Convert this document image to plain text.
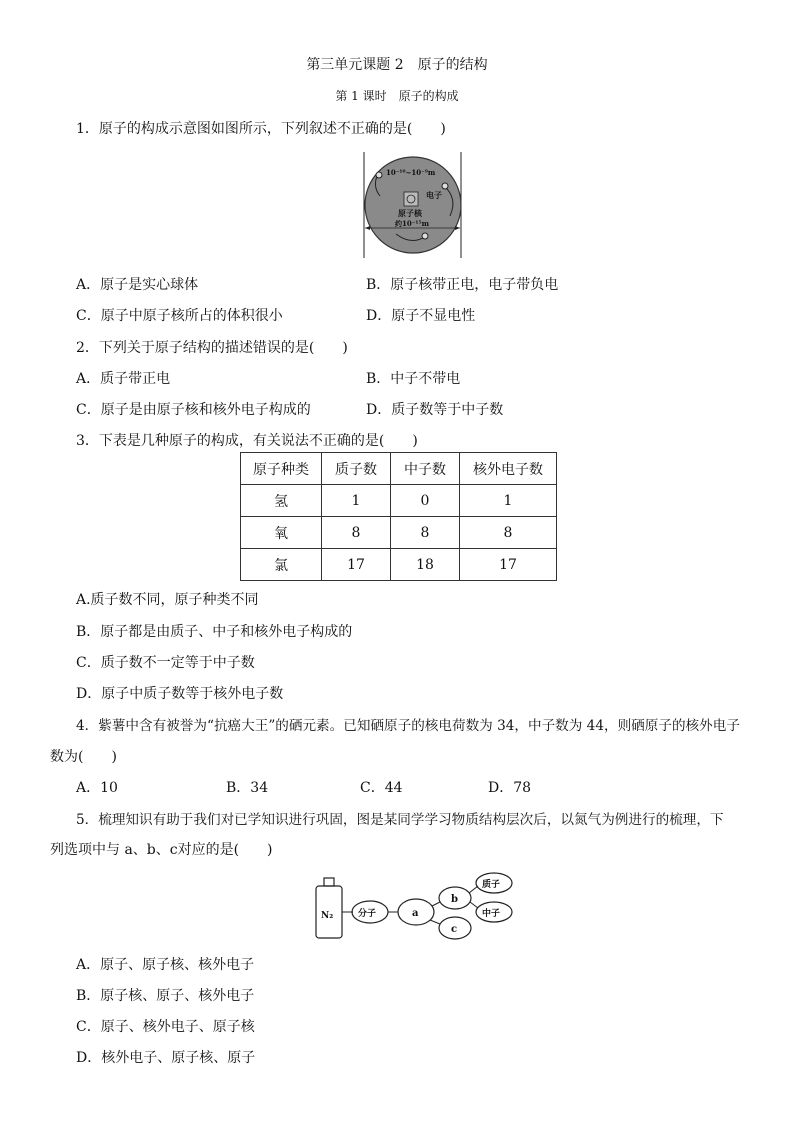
第三单元课题 2　原子的结构
第 1 课时　原子的构成
1．原子的构成示意图如图所示，下列叙述不正确的是(　　)
10⁻¹⁰~10⁻⁹m
电子
原子核
约10⁻¹⁵m
A．原子是实心球体	B．原子核带正电，电子带负电
C．原子中原子核所占的体积很小	D．原子不显电性
2．下列关于原子结构的描述错误的是(　　)
A．质子带正电	B．中子不带电
C．原子是由原子核和核外电子构成的	D．质子数等于中子数
3．下表是几种原子的构成，有关说法不正确的是(　　)
原子种类	质子数	中子数	核外电子数
氢	1	0	1
氧	8	8	8
氯	17	18	17
A.质子数不同，原子种类不同
B．原子都是由质子、中子和核外电子构成的
C．质子数不一定等于中子数
D．原子中质子数等于核外电子数
4．紫薯中含有被誉为“抗癌大王”的硒元素。已知硒原子的核电荷数为 34，中子数为 44，则硒原子的核外电子
数为(　　)
A．10	B．34	C．44	D．78
5．梳理知识有助于我们对已学知识进行巩固，图是某同学学习物质结构层次后，以氮气为例进行的梳理，下
列选项中与 a、b、c对应的是(　　)
N₂	分子	a
b
c
质子
中子
A．原子、原子核、核外电子
B．原子核、原子、核外电子
C．原子、核外电子、原子核
D．核外电子、原子核、原子
